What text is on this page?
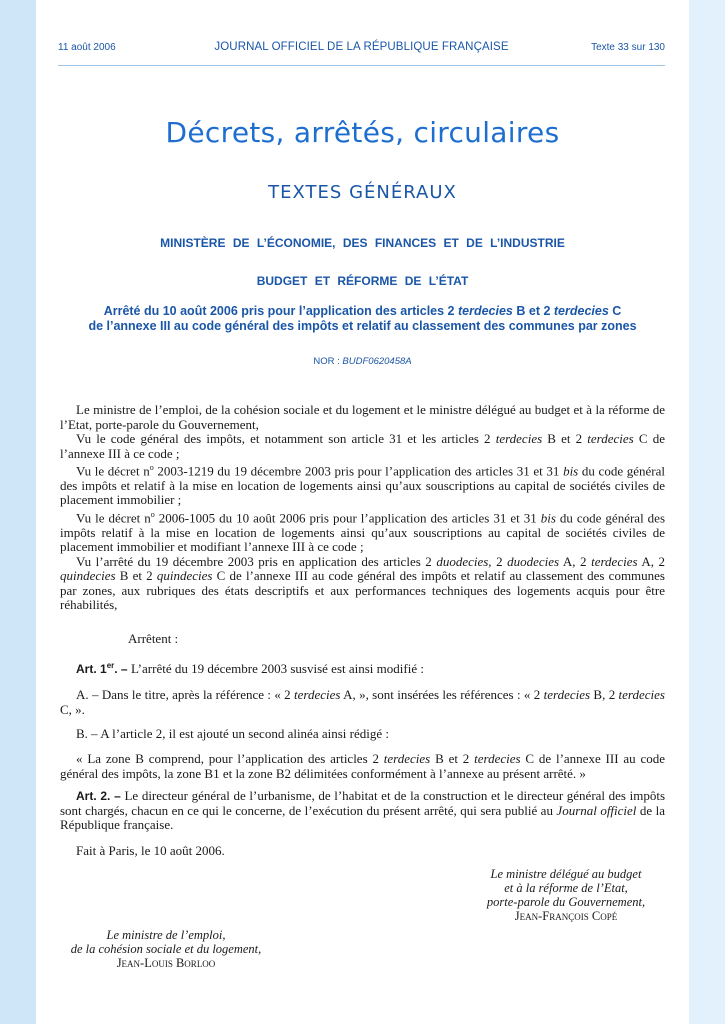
11 août 2006	JOURNAL OFFICIEL DE LA RÉPUBLIQUE FRANÇAISE	Texte 33 sur 130
Décrets, arrêtés, circulaires
TEXTES GÉNÉRAUX
MINISTÈRE DE L’ÉCONOMIE, DES FINANCES ET DE L’INDUSTRIE
BUDGET ET RÉFORME DE L’ÉTAT
Arrêté du 10 août 2006 pris pour l’application des articles 2 terdecies B et 2 terdecies C
de l’annexe III au code général des impôts et relatif au classement des communes par zones
NOR : BUDF0620458A

Le ministre de l’emploi, de la cohésion sociale et du logement et le ministre délégué au budget et à la réforme de l’Etat, porte-parole du Gouvernement,

Vu le code général des impôts, et notamment son article 31 et les articles 2 terdecies B et 2 terdecies C de l’annexe III à ce code ;

Vu le décret $n^o$ 2003-1219 du 19 décembre 2003 pris pour l’application des articles 31 et 31 bis du code général des impôts et relatif à la mise en location de logements ainsi qu’aux souscriptions au capital de sociétés civiles de placement immobilier ;

Vu le décret $n^o$ 2006-1005 du 10 août 2006 pris pour l’application des articles 31 et 31 bis du code général des impôts relatif à la mise en location de logements ainsi qu’aux souscriptions au capital de sociétés civiles de placement immobilier et modifiant l’annexe III à ce code ;

Vu l’arrêté du 19 décembre 2003 pris en application des articles 2 duodecies, 2 duodecies A, 2 terdecies A, 2 quindecies B et 2 quindecies C de l’annexe III au code général des impôts et relatif au classement des communes par zones, aux rubriques des états descriptifs et aux performances techniques des logements acquis pour être réhabilités,

Arrêtent :

Art. 1er. – L’arrêté du 19 décembre 2003 susvisé est ainsi modifié :

A. – Dans le titre, après la référence : « 2 terdecies A, », sont insérées les références : « 2 terdecies B, 2 terdecies C, ».

B. – A l’article 2, il est ajouté un second alinéa ainsi rédigé :

« La zone B comprend, pour l’application des articles 2 terdecies B et 2 terdecies C de l’annexe III au code général des impôts, la zone B1 et la zone B2 délimitées conformément à l’annexe au présent arrêté. »

Art. 2. – Le directeur général de l’urbanisme, de l’habitat et de la construction et le directeur général des impôts sont chargés, chacun en ce qui le concerne, de l’exécution du présent arrêté, qui sera publié au Journal officiel de la République française.

Fait à Paris, le 10 août 2006.

Le ministre délégué au budget
et à la réforme de l’Etat,
porte-parole du Gouvernement,
Jean-François Copé
Le ministre de l’emploi,
de la cohésion sociale et du logement,
Jean-Louis Borloo
